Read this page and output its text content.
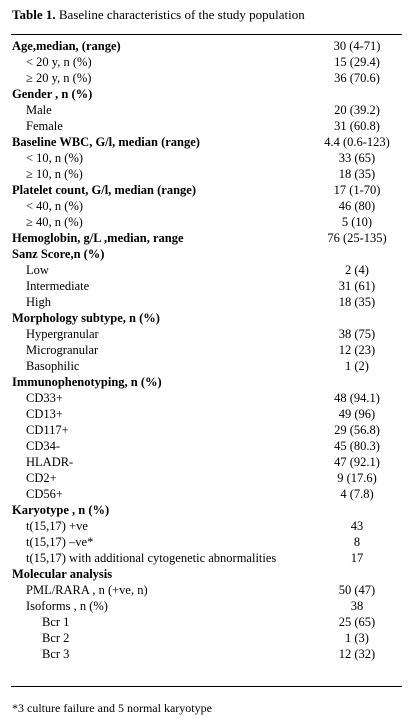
Table 1. Baseline characteristics of the study population
Age,median, (range)	30 (4-71)
< 20 y, n (%)	15 (29.4)
≥ 20 y, n (%)	36 (70.6)
Gender , n (%)	
Male	20 (39.2)
Female	31 (60.8)
Baseline WBC, G/l, median (range)	4.4 (0.6-123)
< 10, n (%)	33 (65)
≥ 10, n (%)	18 (35)
Platelet count, G/l, median (range)	17 (1-70)
< 40, n (%)	46 (80)
≥ 40, n (%)	5 (10)
Hemoglobin, g/L ,median, range	76 (25-135)
Sanz Score,n (%)	
Low	2 (4)
Intermediate	31 (61)
High	18 (35)
Morphology subtype, n (%)	
Hypergranular	38 (75)
Microgranular	12 (23)
Basophilic	1 (2)
Immunophenotyping, n (%)	
CD33+	48 (94.1)
CD13+	49 (96)
CD117+	29 (56.8)
CD34-	45 (80.3)
HLADR-	47 (92.1)
CD2+	9 (17.6)
CD56+	4 (7.8)
Karyotype , n (%)	
t(15,17) +ve	43
t(15,17) –ve*	8
t(15,17) with additional cytogenetic abnormalities	17
Molecular analysis	
PML/RARA , n (+ve, n)	50 (47)
Isoforms , n (%)	38
Bcr 1	25 (65)
Bcr 2	1 (3)
Bcr 3	12 (32)
*3 culture failure and 5 normal karyotype
